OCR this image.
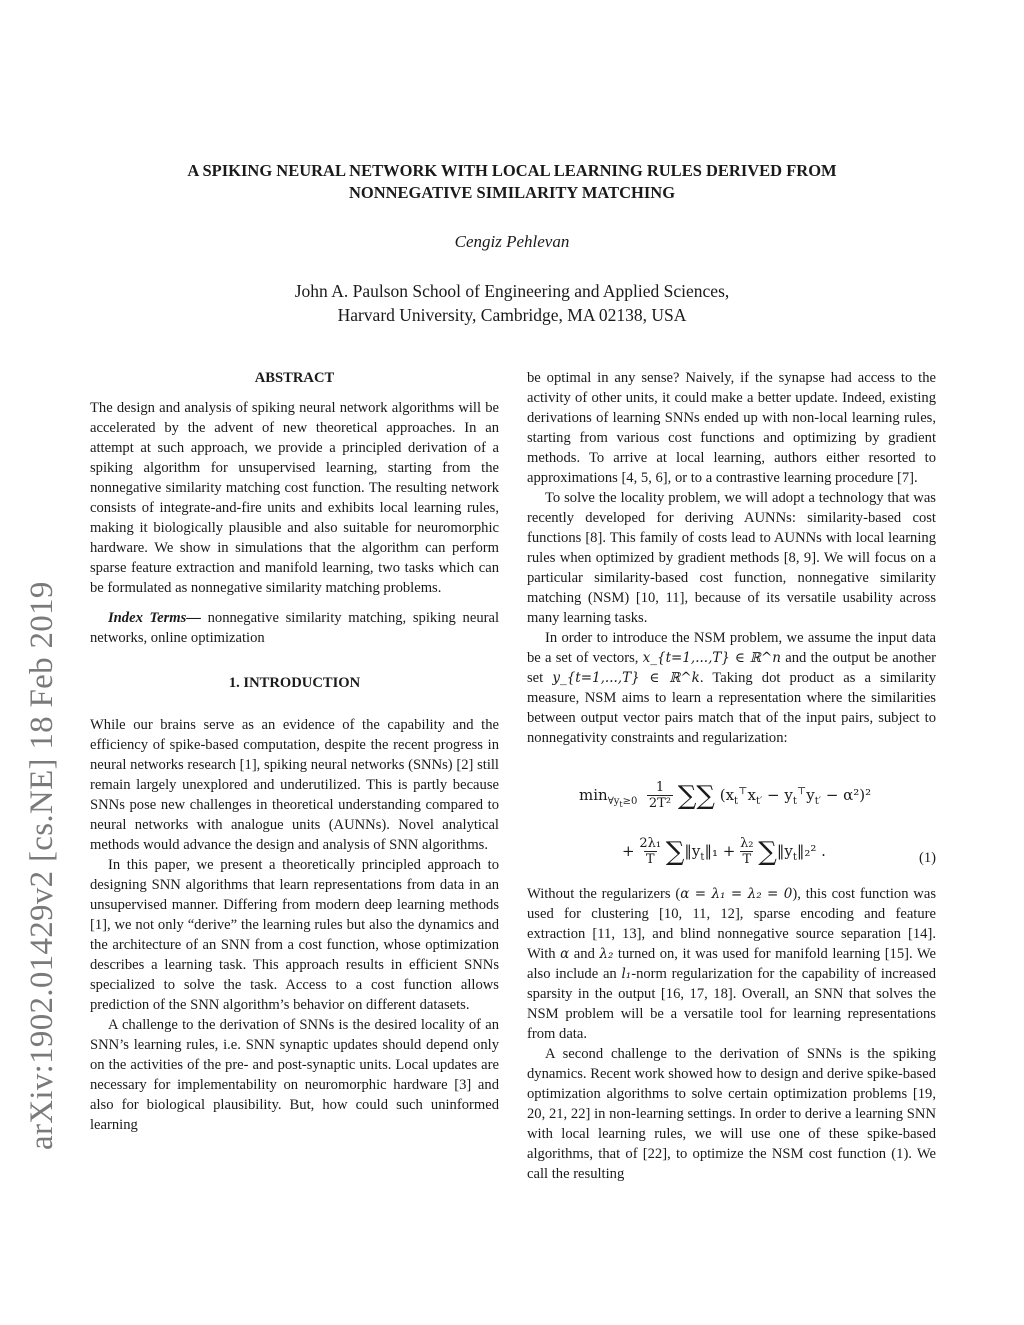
arXiv:1902.01429v2 [cs.NE] 18 Feb 2019
A SPIKING NEURAL NETWORK WITH LOCAL LEARNING RULES DERIVED FROM
NONNEGATIVE SIMILARITY MATCHING
Cengiz Pehlevan
John A. Paulson School of Engineering and Applied Sciences,
Harvard University, Cambridge, MA 02138, USA
ABSTRACT

The design and analysis of spiking neural network algorithms will be accelerated by the advent of new theoretical approaches. In an attempt at such approach, we provide a principled derivation of a spiking algorithm for unsupervised learning, starting from the nonnegative similarity matching cost function. The resulting network consists of integrate-and-fire units and exhibits local learning rules, making it biologically plausible and also suitable for neuromorphic hardware. We show in simulations that the algorithm can perform sparse feature extraction and manifold learning, two tasks which can be formulated as nonnegative similarity matching problems.

Index Terms— nonnegative similarity matching, spiking neural networks, online optimization

1. INTRODUCTION

While our brains serve as an evidence of the capability and the efficiency of spike-based computation, despite the recent progress in neural networks research [1], spiking neural networks (SNNs) [2] still remain largely unexplored and underutilized. This is partly because SNNs pose new challenges in theoretical understanding compared to neural networks with analogue units (AUNNs). Novel analytical methods would advance the design and analysis of SNN algorithms.

In this paper, we present a theoretically principled approach to designing SNN algorithms that learn representations from data in an unsupervised manner. Differing from modern deep learning methods [1], we not only “derive” the learning rules but also the dynamics and the architecture of an SNN from a cost function, whose optimization describes a learning task. This approach results in efficient SNNs specialized to solve the task. Access to a cost function allows prediction of the SNN algorithm’s behavior on different datasets.

A challenge to the derivation of SNNs is the desired locality of an SNN’s learning rules, i.e. SNN synaptic updates should depend only on the activities of the pre- and post-synaptic units. Local updates are necessary for implementability on neuromorphic hardware [3] and also for biological plausibility. But, how could such uninformed learning

be optimal in any sense? Naively, if the synapse had access to the activity of other units, it could make a better update. Indeed, existing derivations of learning SNNs ended up with non-local learning rules, starting from various cost functions and optimizing by gradient methods. To arrive at local learning, authors either resorted to approximations [4, 5, 6], or to a contrastive learning procedure [7].

To solve the locality problem, we will adopt a technology that was recently developed for deriving AUNNs: similarity-based cost functions [8]. This family of costs lead to AUNNs with local learning rules when optimized by gradient methods [8, 9]. We will focus on a particular similarity-based cost function, nonnegative similarity matching (NSM) [10, 11], because of its versatile usability across many learning tasks.

In order to introduce the NSM problem, we assume the input data be a set of vectors, x_{t=1,...,T} ∈ ℝ^n and the output be another set y_{t=1,...,T} ∈ ℝ^k. Taking dot product as a similarity measure, NSM aims to learn a representation where the similarities between output vector pairs match that of the input pairs, subject to nonnegativity constraints and regularization:

$\min_{\forall y_t\ge 0} 1$
2T² ∑∑ $(x_t^⊤x_{t'} - y_t^⊤y_{t'} - \alpha^2)^2$
+ 2λ₁
T $\sum‖y_t‖_1 + \lambda_2$
T $\sum‖y_t‖_2^2$ .	(1)

Without the regularizers (α = λ₁ = λ₂ = 0), this cost function was used for clustering [10, 11, 12], sparse encoding and feature extraction [11, 13], and blind nonnegative source separation [14]. With α and λ₂ turned on, it was used for manifold learning [15]. We also include an l₁-norm regularization for the capability of increased sparsity in the output [16, 17, 18]. Overall, an SNN that solves the NSM problem will be a versatile tool for learning representations from data.

A second challenge to the derivation of SNNs is the spiking dynamics. Recent work showed how to design and derive spike-based optimization algorithms to solve certain optimization problems [19, 20, 21, 22] in non-learning settings. In order to derive a learning SNN with local learning rules, we will use one of these spike-based algorithms, that of [22], to optimize the NSM cost function (1). We call the resulting
